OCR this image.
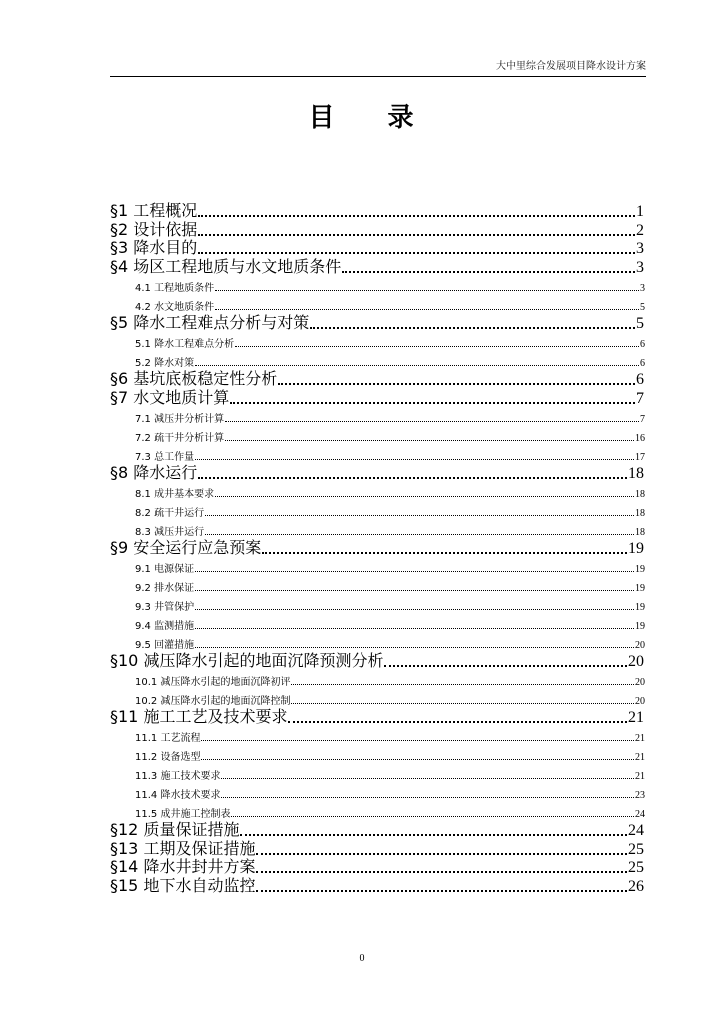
大中里综合发展项目降水设计方案
目 录
§1 工程概况	1
§2 设计依据	2
§3 降水目的	3
§4 场区工程地质与水文地质条件	3
4.1 工程地质条件	3
4.2 水文地质条件	5
§5 降水工程难点分析与对策	5
5.1 降水工程难点分析	6
5.2 降水对策	6
§6 基坑底板稳定性分析	6
§7 水文地质计算	7
7.1 减压井分析计算	7
7.2 疏干井分析计算	16
7.3 总工作量	17
§8 降水运行	18
8.1 成井基本要求	18
8.2 疏干井运行	18
8.3 减压井运行	18
§9 安全运行应急预案	19
9.1 电源保证	19
9.2 排水保证	19
9.3 井管保护	19
9.4 监测措施	19
9.5 回灌措施	20
§10 减压降水引起的地面沉降预测分析	20
10.1 减压降水引起的地面沉降初评	20
10.2 减压降水引起的地面沉降控制	20
§11 施工工艺及技术要求	21
11.1 工艺流程	21
11.2 设备选型	21
11.3 施工技术要求	21
11.4 降水技术要求	23
11.5 成井施工控制表	24
§12 质量保证措施	24
§13 工期及保证措施	25
§14 降水井封井方案	25
§15 地下水自动监控	26
0
